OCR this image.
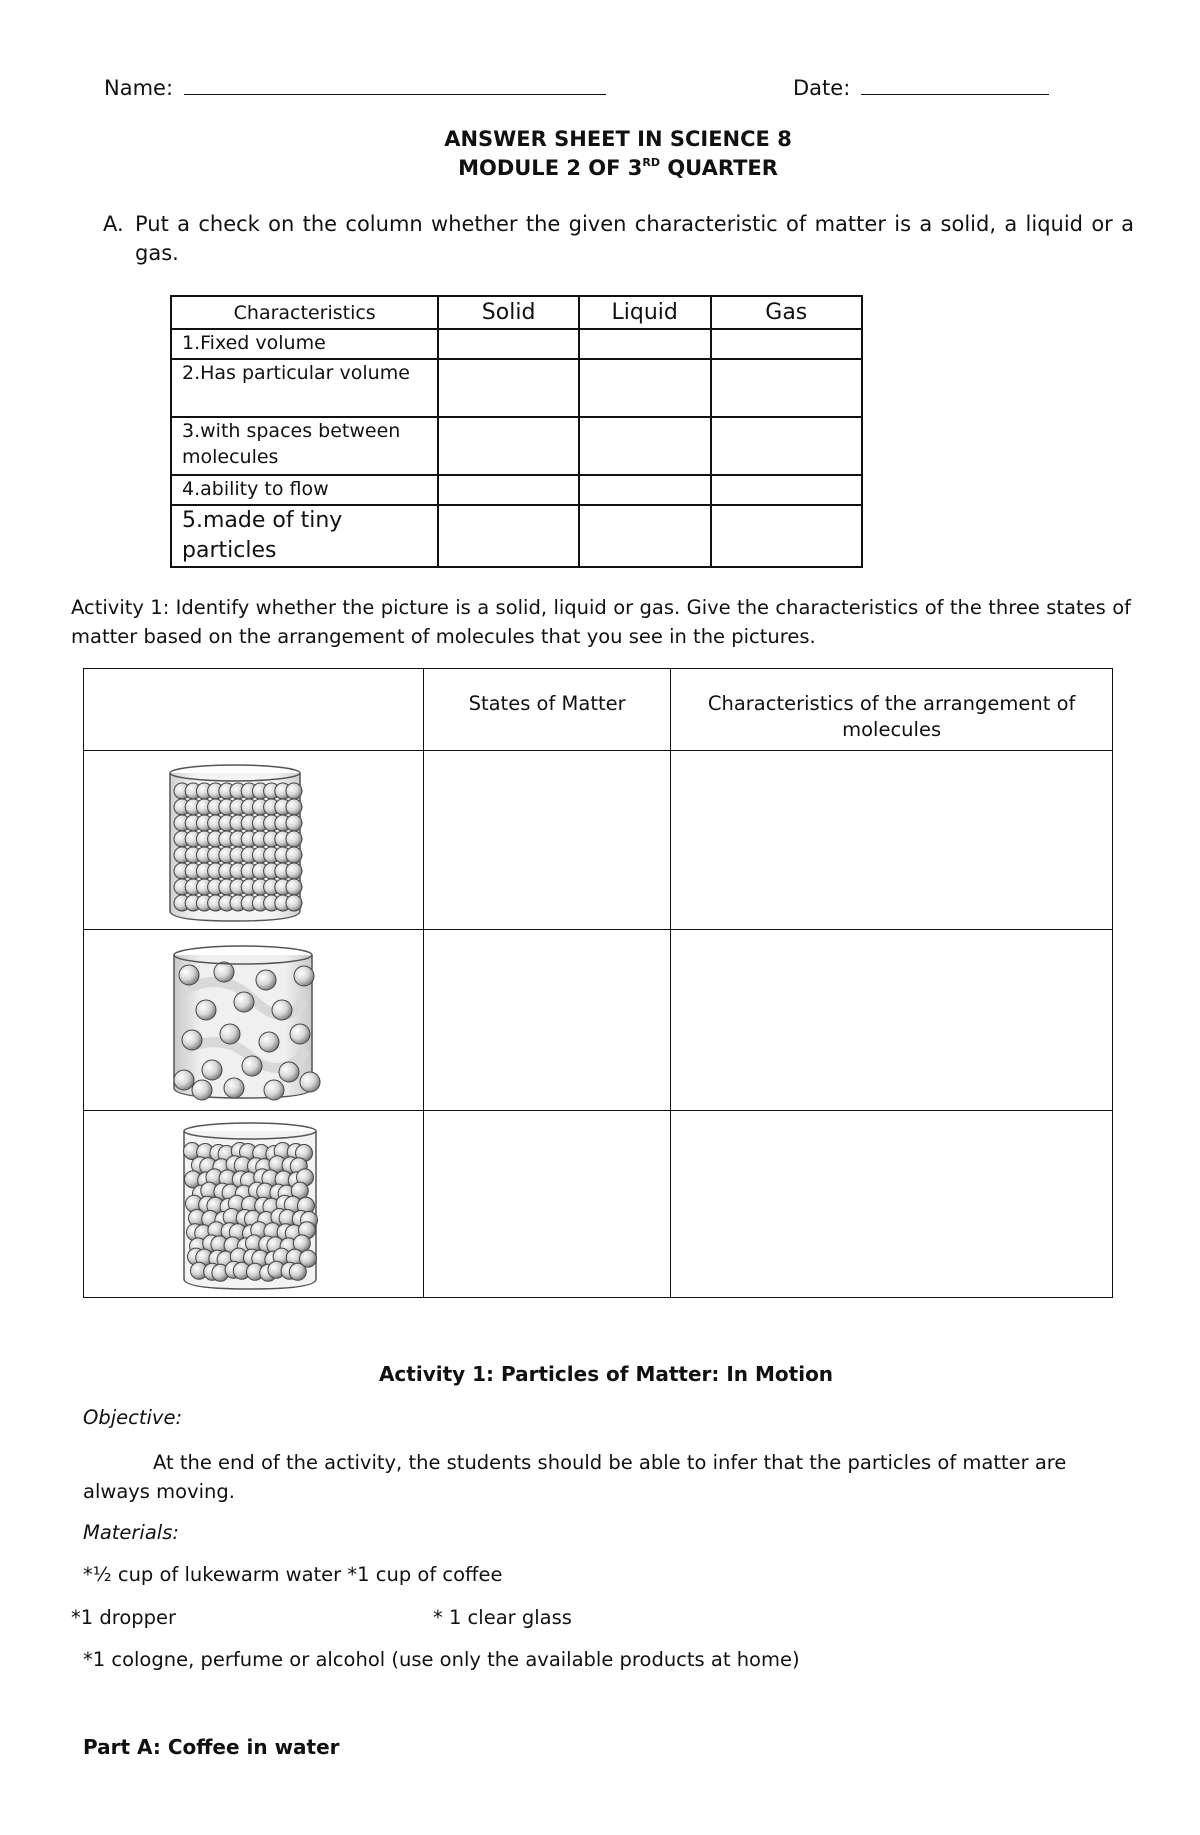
Name:	Date:
ANSWER SHEET IN SCIENCE 8
MODULE 2 OF 3RD QUARTER
A. Put a check on the column whether the given characteristic of matter is a solid, a liquid or a gas.
Characteristics	Solid	Liquid	Gas
1.Fixed volume			
2.Has particular volume			
3.with spaces between molecules			
4.ability to flow			
5.made of tiny particles			
Activity 1: Identify whether the picture is a solid, liquid or gas. Give the characteristics of the three states of matter based on the arrangement of molecules that you see in the pictures.
	States of Matter	Characteristics of the arrangement of molecules

Activity 1: Particles of Matter: In Motion
Objective:
At the end of the activity, the students should be able to infer that the particles of matter are always moving.
Materials:
*½ cup of lukewarm water *1 cup of coffee
*1 dropper	* 1 clear glass
*1 cologne, perfume or alcohol (use only the available products at home)
Part A: Coffee in water
